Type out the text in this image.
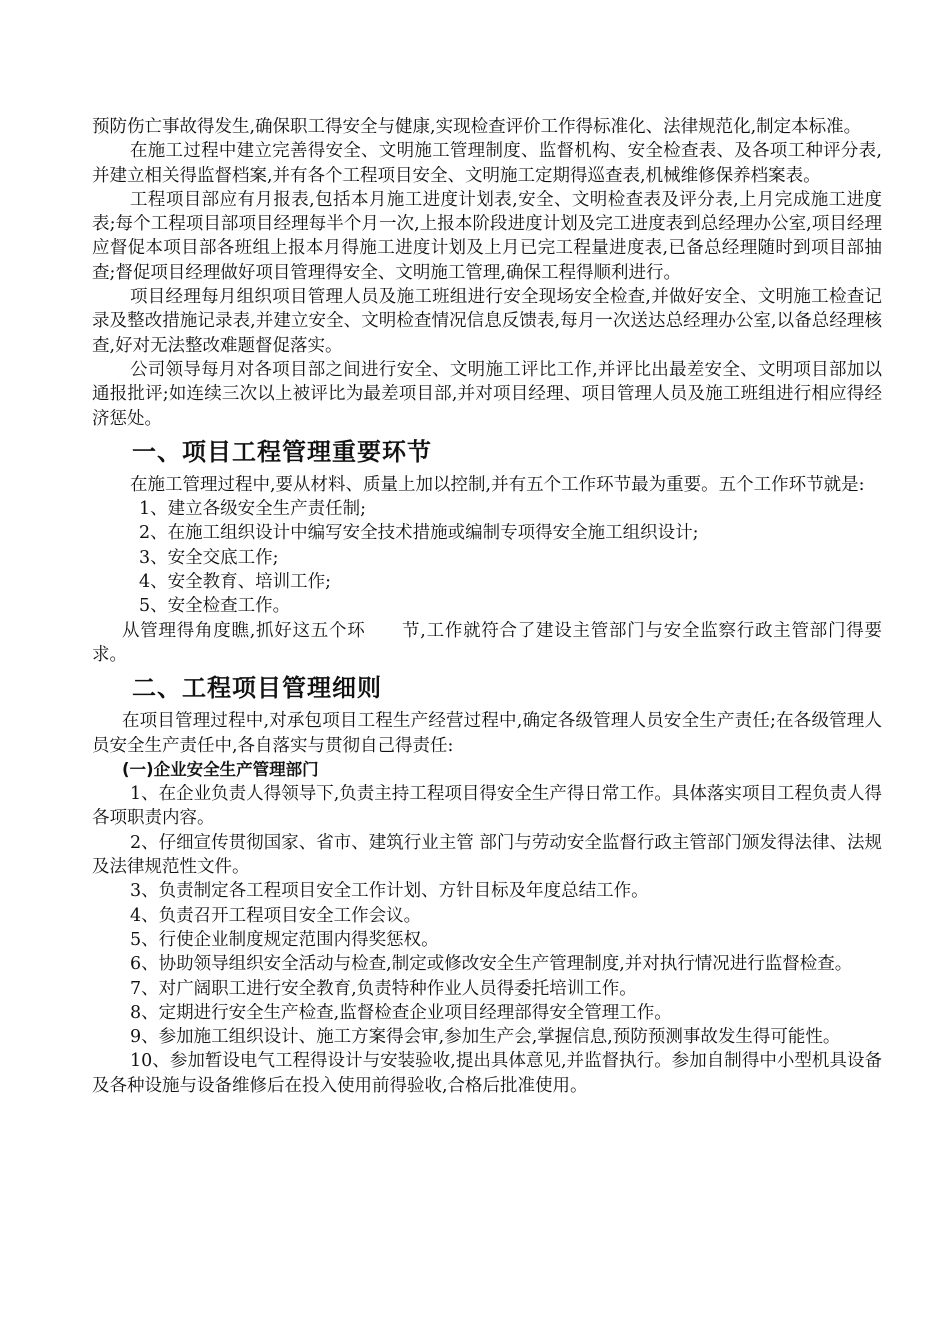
预防伤亡事故得发生,确保职工得安全与健康,实现检查评价工作得标准化、法律规范化,制定本标准。

在施工过程中建立完善得安全、文明施工管理制度、监督机构、安全检查表、及各项工种评分表,并建立相关得监督档案,并有各个工程项目安全、文明施工定期得巡查表,机械维修保养档案表。

工程项目部应有月报表,包括本月施工进度计划表,安全、文明检查表及评分表,上月完成施工进度表;每个工程项目部项目经理每半个月一次,上报本阶段进度计划及完工进度表到总经理办公室,项目经理应督促本项目部各班组上报本月得施工进度计划及上月已完工程量进度表,已备总经理随时到项目部抽查;督促项目经理做好项目管理得安全、文明施工管理,确保工程得顺利进行。

项目经理每月组织项目管理人员及施工班组进行安全现场安全检查,并做好安全、文明施工检查记录及整改措施记录表,并建立安全、文明检查情况信息反馈表,每月一次送达总经理办公室,以备总经理核查,好对无法整改难题督促落实。

公司领导每月对各项目部之间进行安全、文明施工评比工作,并评比出最差安全、文明项目部加以通报批评;如连续三次以上被评比为最差项目部,并对项目经理、项目管理人员及施工班组进行相应得经济惩处。

一、项目工程管理重要环节

在施工管理过程中,要从材料、质量上加以控制,并有五个工作环节最为重要。五个工作环节就是:

1、建立各级安全生产责任制;

2、在施工组织设计中编写安全技术措施或编制专项得安全施工组织设计;

3、安全交底工作;

4、安全教育、培训工作;

5、安全检查工作。

从管理得角度瞧,抓好这五个环　　节,工作就符合了建设主管部门与安全监察行政主管部门得要求。

二、工程项目管理细则

在项目管理过程中,对承包项目工程生产经营过程中,确定各级管理人员安全生产责任;在各级管理人员安全生产责任中,各自落实与贯彻自己得责任:

(一)企业安全生产管理部门

1、在企业负责人得领导下,负责主持工程项目得安全生产得日常工作。具体落实项目工程负责人得各项职责内容。

2、仔细宣传贯彻国家、省市、建筑行业主管 部门与劳动安全监督行政主管部门颁发得法律、法规及法律规范性文件。

3、负责制定各工程项目安全工作计划、方针目标及年度总结工作。

4、负责召开工程项目安全工作会议。

5、行使企业制度规定范围内得奖惩权。

6、协助领导组织安全活动与检查,制定或修改安全生产管理制度,并对执行情况进行监督检查。

7、对广阔职工进行安全教育,负责特种作业人员得委托培训工作。

8、定期进行安全生产检查,监督检查企业项目经理部得安全管理工作。

9、参加施工组织设计、施工方案得会审,参加生产会,掌握信息,预防预测事故发生得可能性。

10、参加暂设电气工程得设计与安装验收,提出具体意见,并监督执行。参加自制得中小型机具设备及各种设施与设备维修后在投入使用前得验收,合格后批准使用。
